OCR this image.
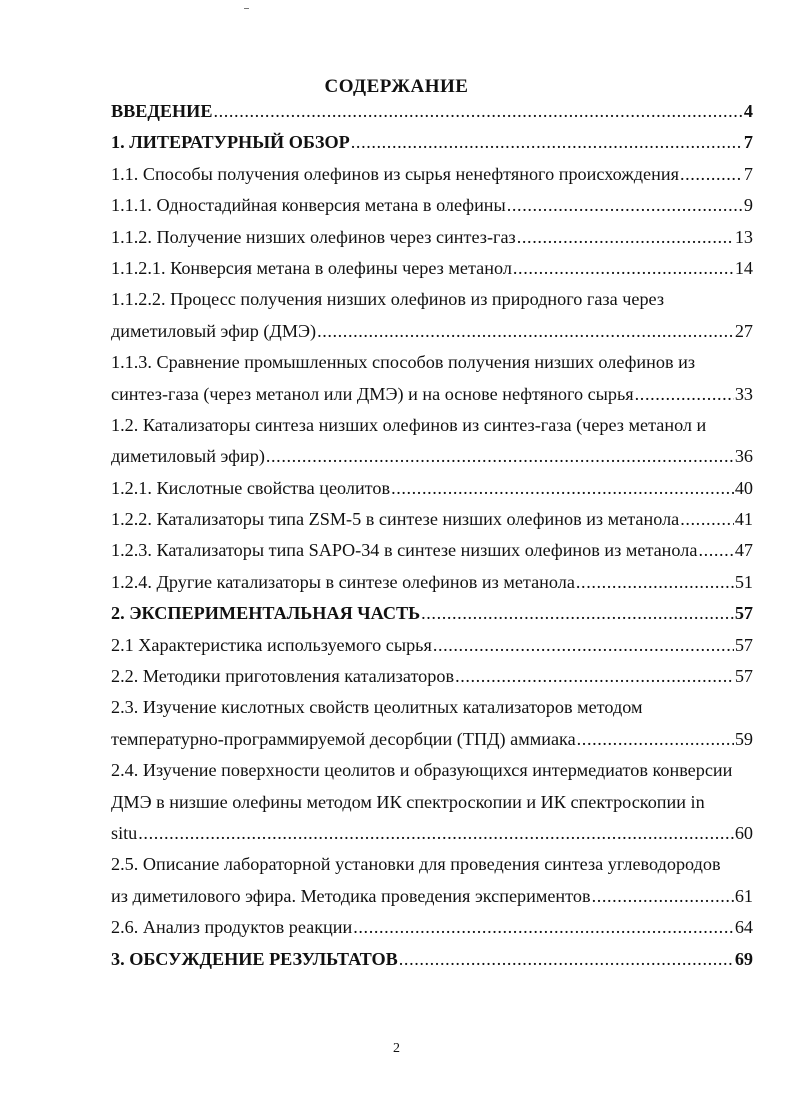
СОДЕРЖАНИЕ
ВВЕДЕНИЕ .....	4
1. ЛИТЕРАТУРНЫЙ ОБЗОР .....	7
1.1. Способы получения олефинов из сырья ненефтяного происхождения .....	7
1.1.1. Одностадийная конверсия метана в олефины .....	9
1.1.2. Получение низших олефинов через синтез-газ .....	13
1.1.2.1. Конверсия метана в олефины через метанол .....	14
1.1.2.2. Процесс получения низших олефинов из природного газа через
диметиловый эфир (ДМЭ) .....	27
1.1.3. Сравнение промышленных способов получения низших олефинов из
синтез-газа (через метанол или ДМЭ) и на основе нефтяного сырья .....	33
1.2. Катализаторы синтеза низших олефинов из синтез-газа (через метанол и
диметиловый эфир) .....	36
1.2.1. Кислотные свойства цеолитов .....	40
1.2.2. Катализаторы типа ZSM-5 в синтезе низших олефинов из метанола .....	41
1.2.3. Катализаторы типа SAPO-34 в синтезе низших олефинов из метанола ..... 47
1.2.4. Другие катализаторы в синтезе олефинов из метанола .....	51
2. ЭКСПЕРИМЕНТАЛЬНАЯ ЧАСТЬ .....	57
2.1 Характеристика используемого сырья .....	57
2.2. Методики приготовления катализаторов .....	57
2.3. Изучение кислотных свойств цеолитных катализаторов методом
температурно-программируемой десорбции (ТПД) аммиака .....	59
2.4. Изучение поверхности цеолитов и образующихся интермедиатов конверсии
ДМЭ в низшие олефины методом ИК спектроскопии и ИК спектроскопии in
situ .....	60
2.5. Описание лабораторной установки для проведения синтеза углеводородов
из диметилового эфира. Методика проведения экспериментов .....	61
2.6. Анализ продуктов реакции .....	64
3. ОБСУЖДЕНИЕ РЕЗУЛЬТАТОВ .....	69
2
